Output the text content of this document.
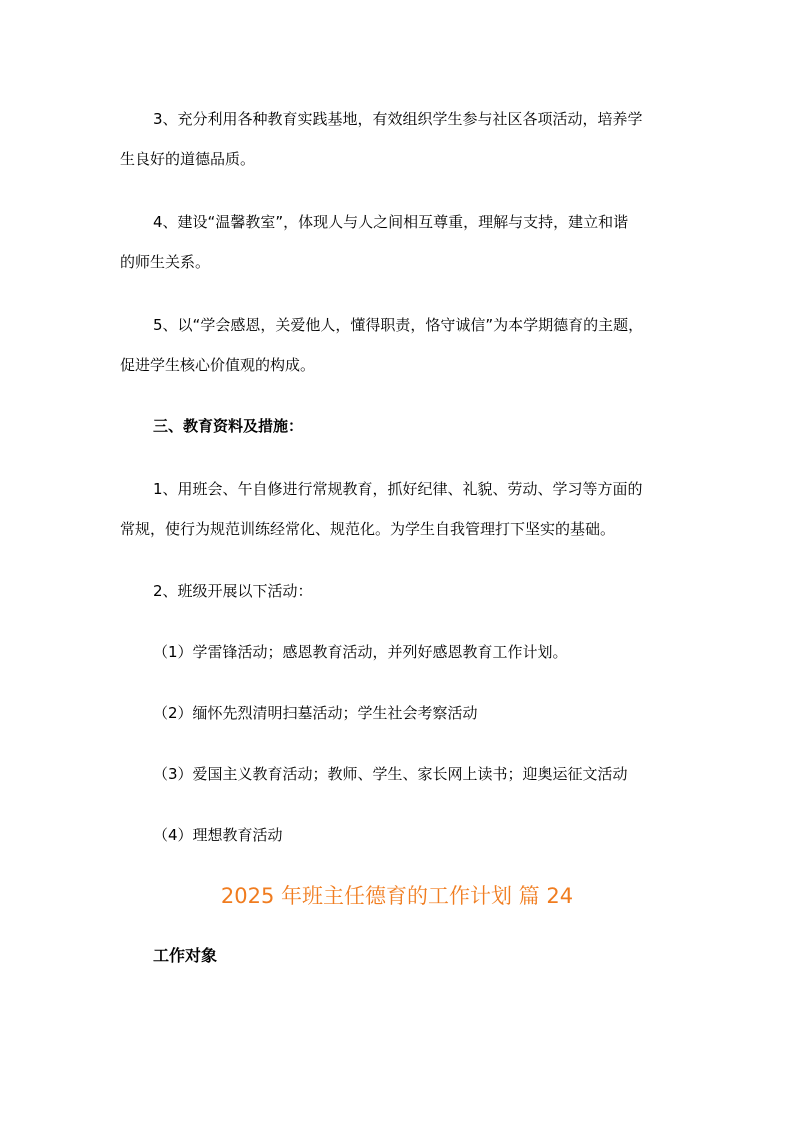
3、充分利用各种教育实践基地，有效组织学生参与社区各项活动，培养学
生良好的道德品质。
4、建设“温馨教室”，体现人与人之间相互尊重，理解与支持，建立和谐
的师生关系。
5、以“学会感恩，关爱他人，懂得职责，恪守诚信”为本学期德育的主题，
促进学生核心价值观的构成。
三、教育资料及措施：
1、用班会、午自修进行常规教育，抓好纪律、礼貌、劳动、学习等方面的
常规，使行为规范训练经常化、规范化。为学生自我管理打下坚实的基础。
2、班级开展以下活动：
（1）学雷锋活动；感恩教育活动，并列好感恩教育工作计划。
（2）缅怀先烈清明扫墓活动；学生社会考察活动
（3）爱国主义教育活动；教师、学生、家长网上读书；迎奥运征文活动
（4）理想教育活动
2025 年班主任德育的工作计划 篇 24
工作对象
